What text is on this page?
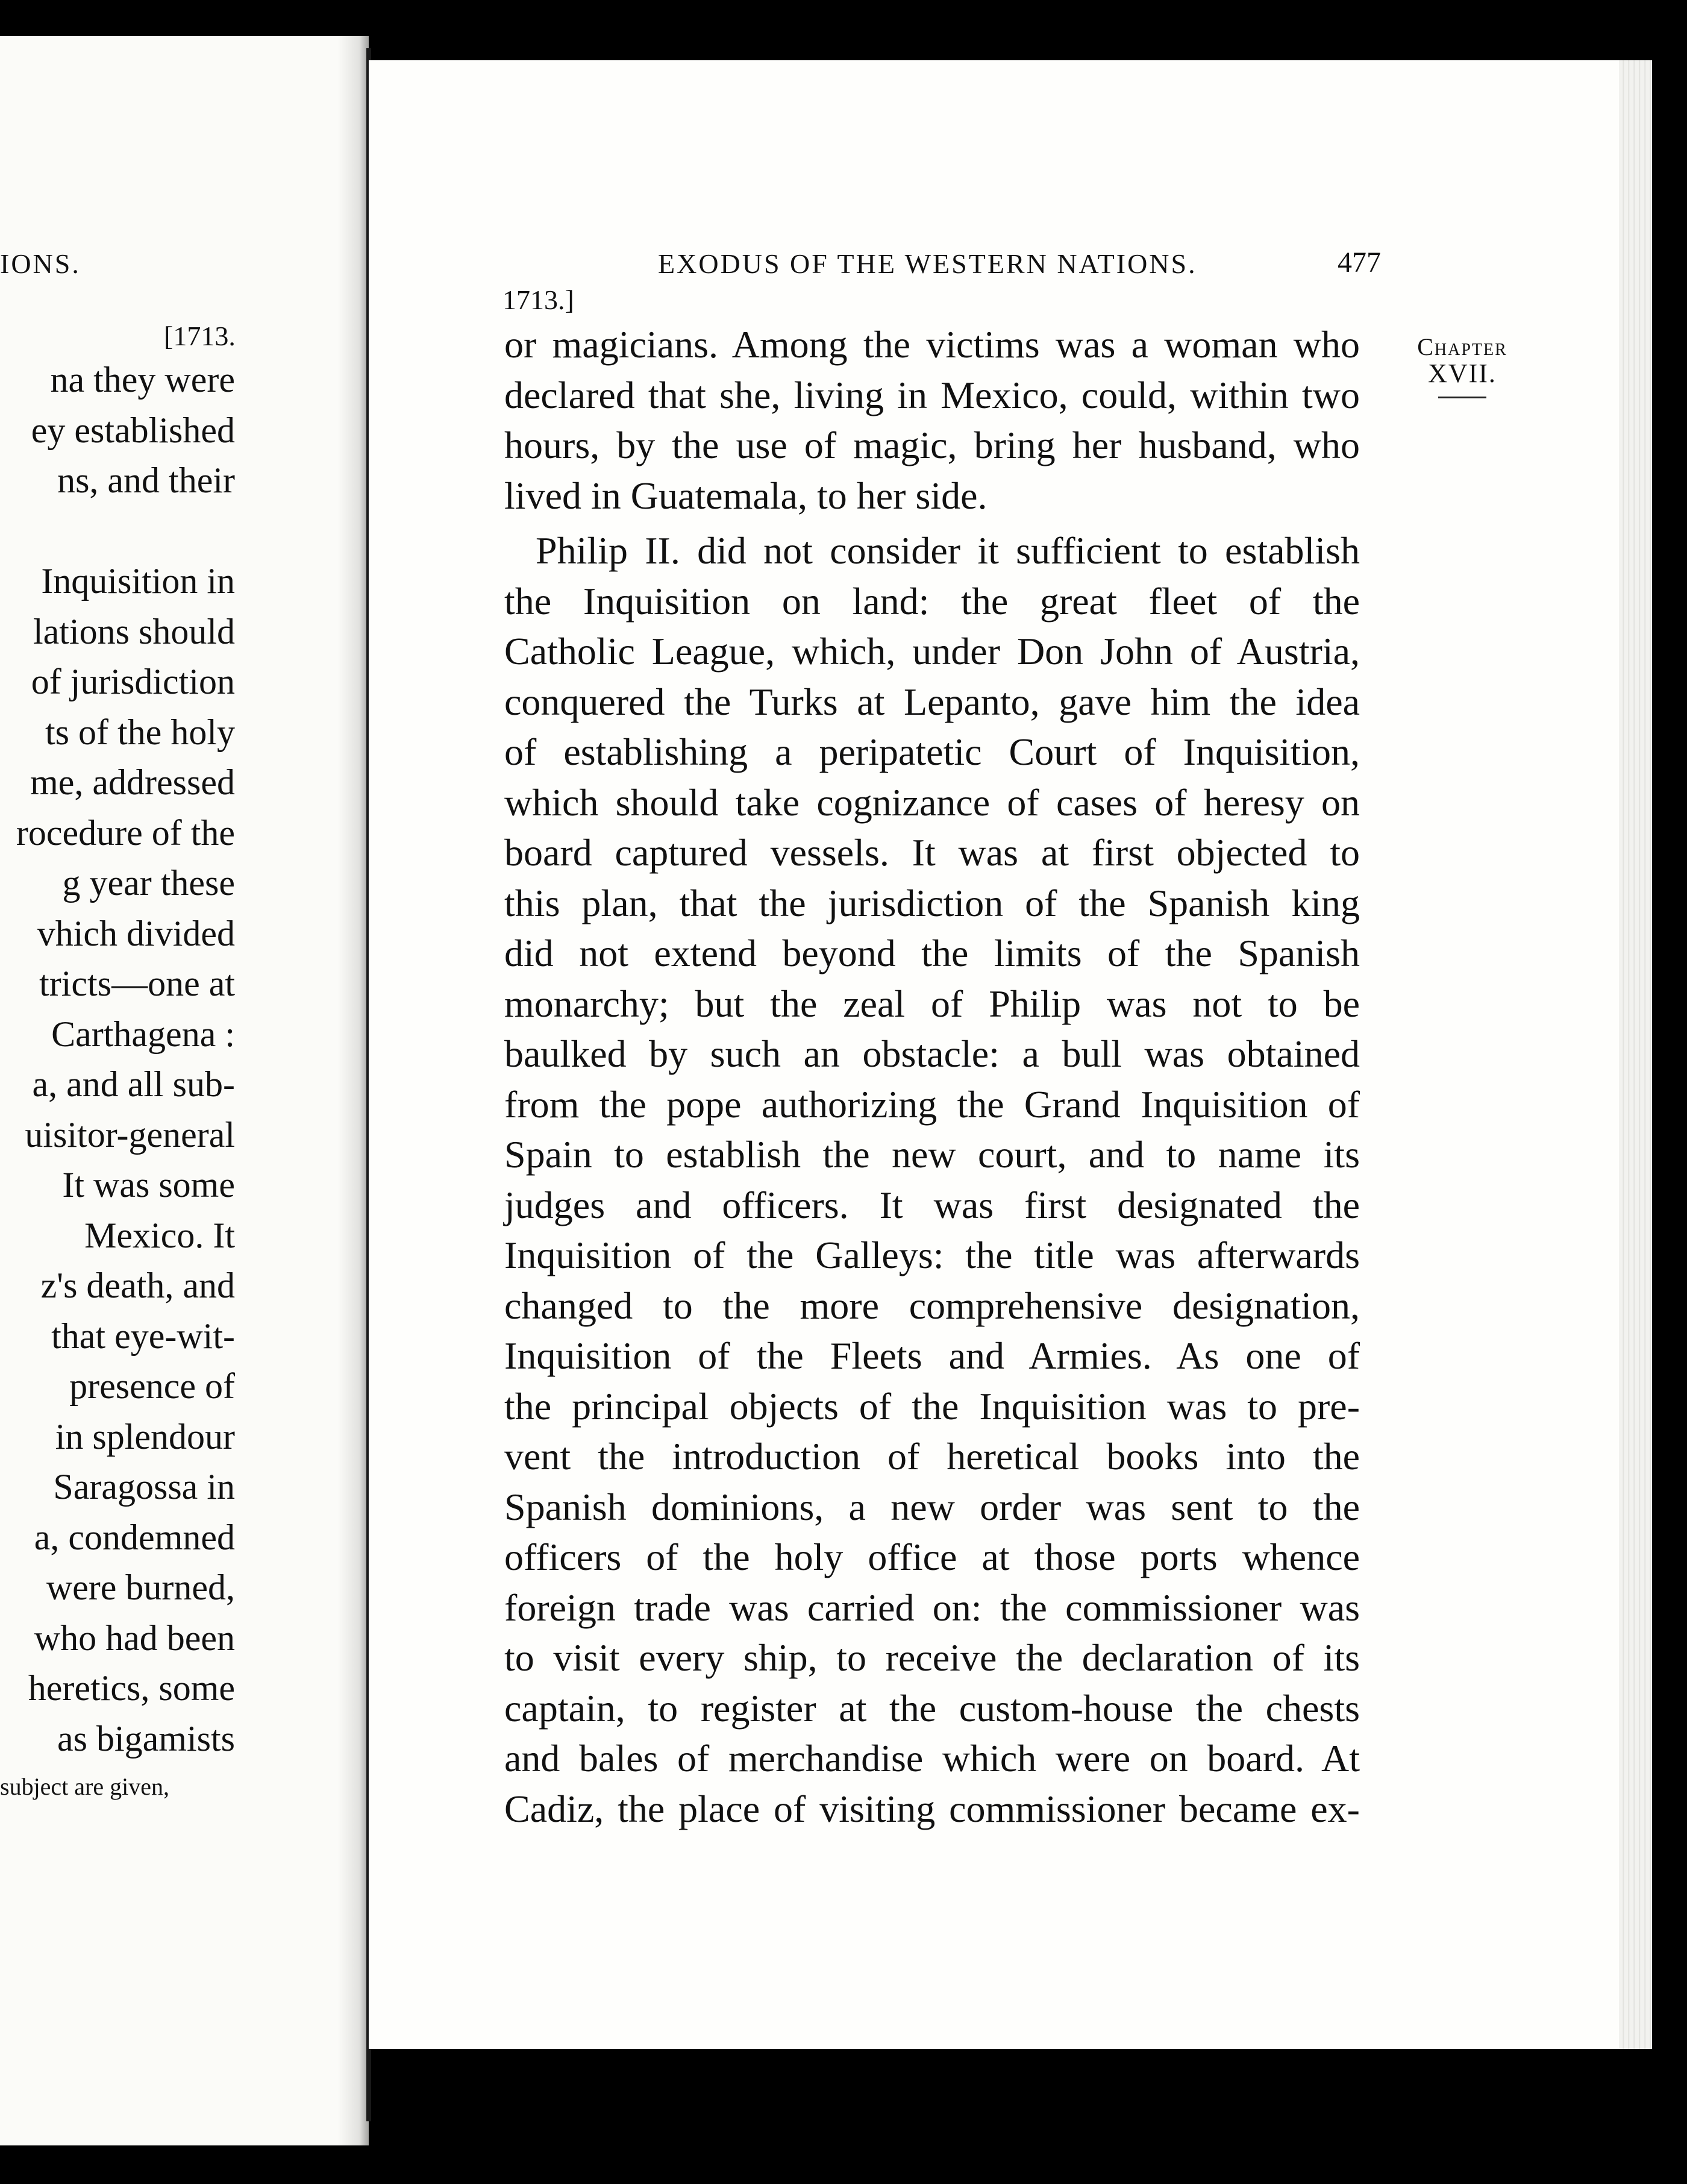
IONS.
[1713.
na they were
ey established
ns, and their
Inquisition in
lations should
of jurisdiction
ts of the holy
me, addressed
rocedure of the
g year these
vhich divided
tricts—one at
Carthagena :
a, and all sub-
uisitor-general
It was some
Mexico. It
z's death, and
that eye-wit-
presence of
in splendour
Saragossa in
a, condemned
were burned,
who had been
heretics, some
as bigamists
subject are given,
EXODUS OF THE WESTERN NATIONS.	477
1713.]
Chapter
XVII.
or magicians. Among the victims was a woman who
declared that she, living in Mexico, could, within two
hours, by the use of magic, bring her husband, who
lived in Guatemala, to her side.
Philip II. did not consider it sufficient to establish
the Inquisition on land: the great fleet of the
Catholic League, which, under Don John of Austria,
conquered the Turks at Lepanto, gave him the idea
of establishing a peripatetic Court of Inquisition,
which should take cognizance of cases of heresy on
board captured vessels. It was at first objected to
this plan, that the jurisdiction of the Spanish king
did not extend beyond the limits of the Spanish
monarchy; but the zeal of Philip was not to be
baulked by such an obstacle: a bull was obtained
from the pope authorizing the Grand Inquisition of
Spain to establish the new court, and to name its
judges and officers. It was first designated the
Inquisition of the Galleys: the title was afterwards
changed to the more comprehensive designation,
Inquisition of the Fleets and Armies. As one of
the principal objects of the Inquisition was to pre-
vent the introduction of heretical books into the
Spanish dominions, a new order was sent to the
officers of the holy office at those ports whence
foreign trade was carried on: the commissioner was
to visit every ship, to receive the declaration of its
captain, to register at the custom-house the chests
and bales of merchandise which were on board. At
Cadiz, the place of visiting commissioner became ex-
